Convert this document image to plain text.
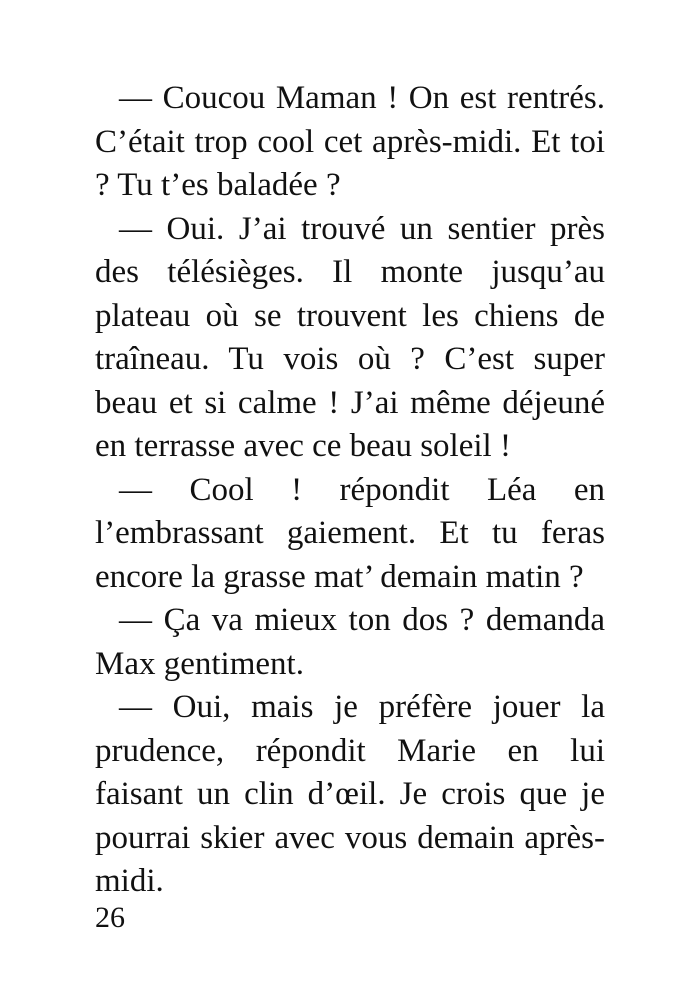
— Coucou Maman ! On est rentrés. C’était trop cool cet après-midi. Et toi ? Tu t’es baladée ?

— Oui. J’ai trouvé un sentier près des télésièges. Il monte jusqu’au plateau où se trouvent les chiens de traîneau. Tu vois où ? C’est super beau et si calme ! J’ai même déjeuné en terrasse avec ce beau soleil !

— Cool ! répondit Léa en l’embrassant gaiement. Et tu feras encore la grasse mat’ demain matin ?

— Ça va mieux ton dos ? demanda Max gentiment.

— Oui, mais je préfère jouer la prudence, répondit Marie en lui faisant un clin d’œil. Je crois que je pourrai skier avec vous demain après-midi.

26
